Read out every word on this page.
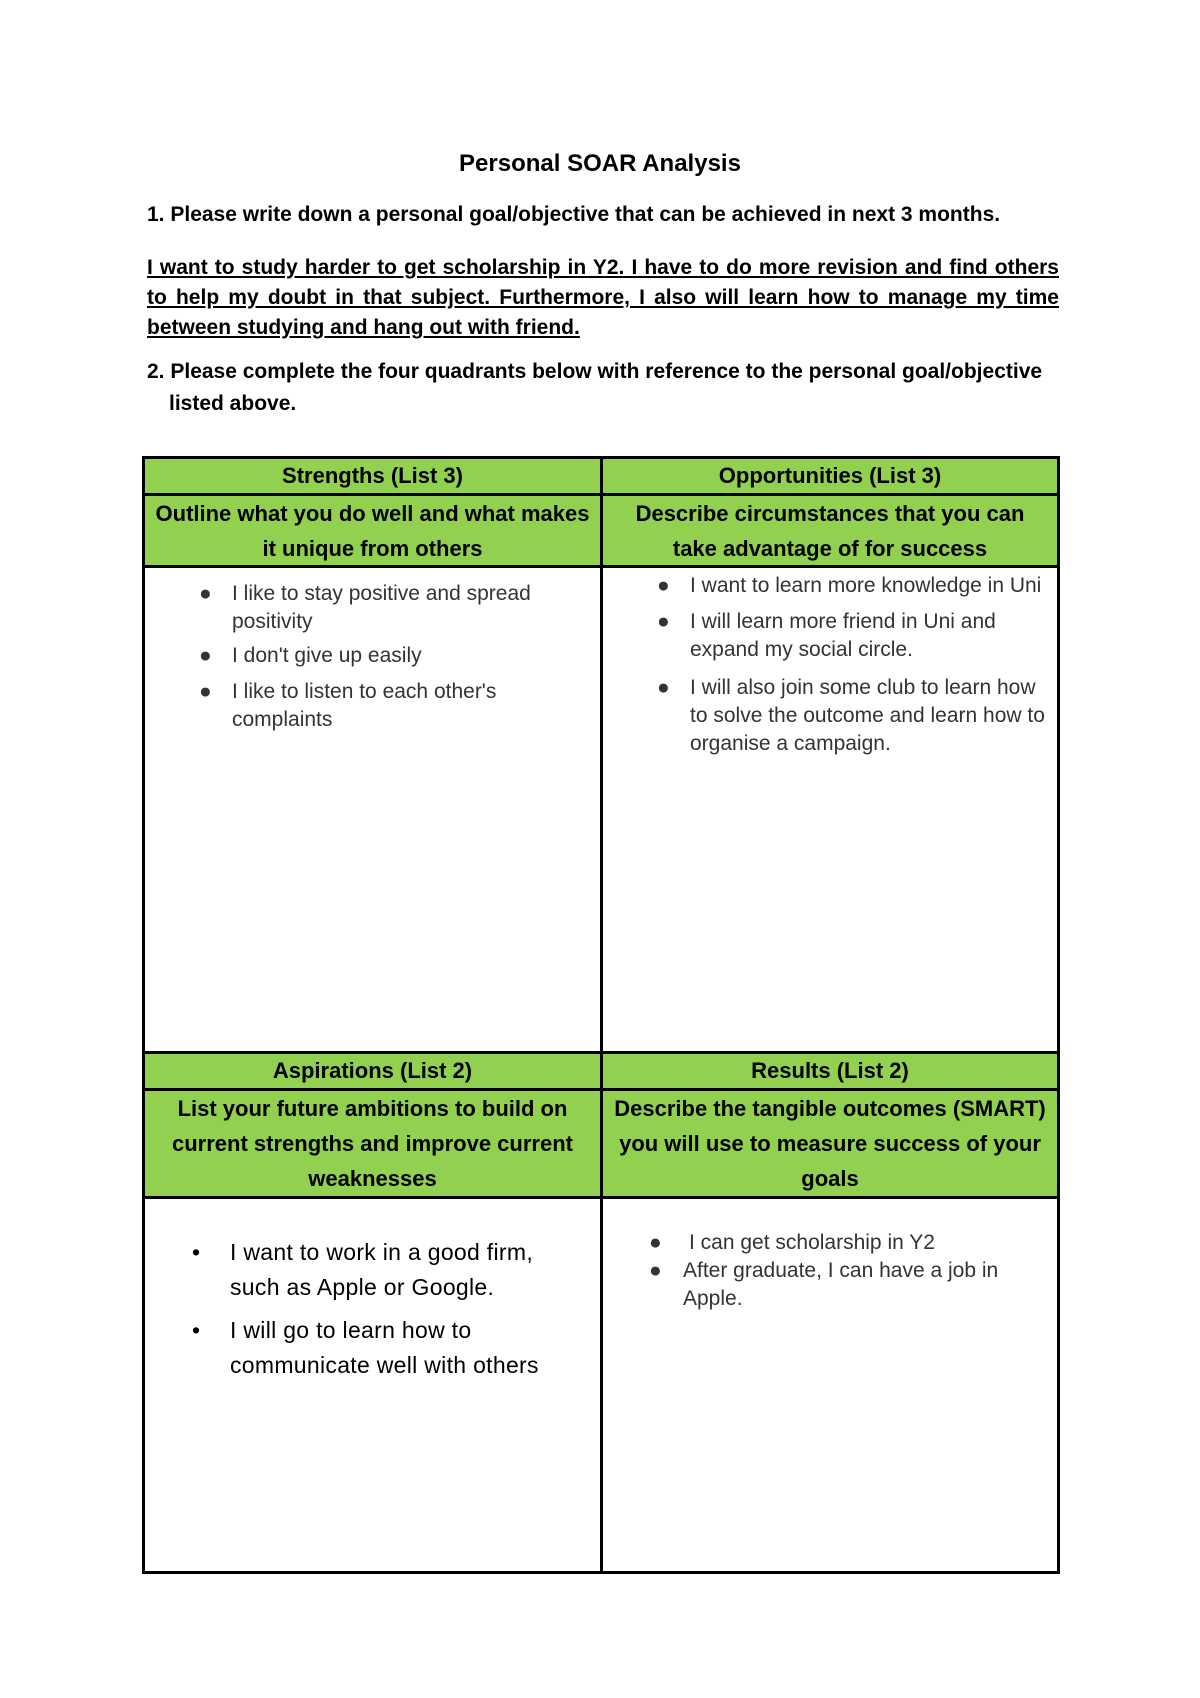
Personal SOAR Analysis
1. Please write down a personal goal/objective that can be achieved in next 3 months.
I want to study harder to get scholarship in Y2. I have to do more revision and find others to help my doubt in that subject. Furthermore, I also will learn how to manage my time between studying and hang out with friend.
2. Please complete the four quadrants below with reference to the personal goal/objective listed above.
Strengths (List 3)
Outline what you do well and what makes it unique from others
Opportunities (List 3)
Describe circumstances that you can take advantage of for success
● I like to stay positive and spread positivity
● I don't give up easily
● I like to listen to each other's complaints
● I want to learn more knowledge in Uni
● I will learn more friend in Uni and expand my social circle.
● I will also join some club to learn how to solve the outcome and learn how to organise a campaign.
Aspirations (List 2)
List your future ambitions to build on current strengths and improve current weaknesses
Results (List 2)
Describe the tangible outcomes (SMART) you will use to measure success of your goals
• I want to work in a good firm, such as Apple or Google.
• I will go to learn how to communicate well with others
● I can get scholarship in Y2
● After graduate, I can have a job in Apple.
